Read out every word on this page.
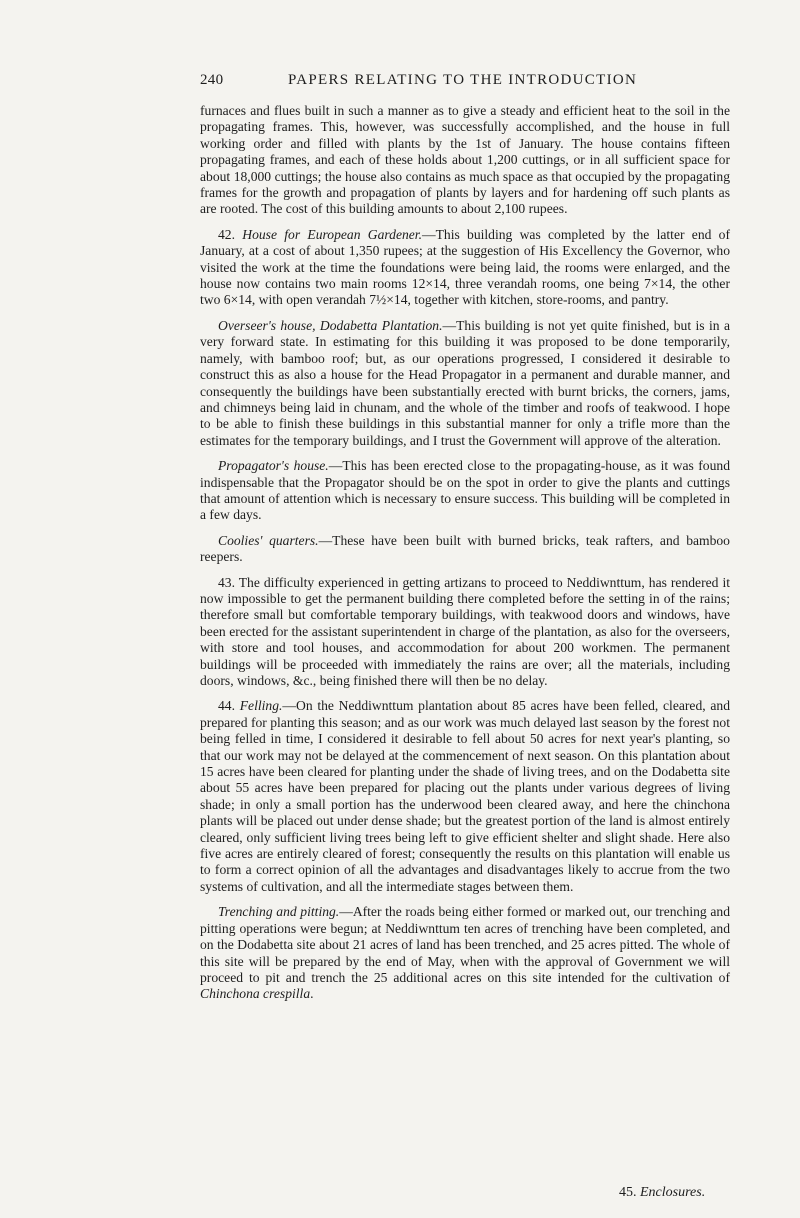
240	PAPERS RELATING TO THE INTRODUCTION

furnaces and flues built in such a manner as to give a steady and efficient heat to the soil in the propagating frames. This, however, was successfully accomplished, and the house in full working order and filled with plants by the 1st of January. The house contains fifteen propagating frames, and each of these holds about 1,200 cuttings, or in all sufficient space for about 18,000 cuttings; the house also contains as much space as that occupied by the propagating frames for the growth and propagation of plants by layers and for hardening off such plants as are rooted. The cost of this building amounts to about 2,100 rupees.

42. House for European Gardener.—This building was completed by the latter end of January, at a cost of about 1,350 rupees; at the suggestion of His Excellency the Governor, who visited the work at the time the foundations were being laid, the rooms were enlarged, and the house now contains two main rooms 12×14, three verandah rooms, one being 7×14, the other two 6×14, with open verandah 7½×14, together with kitchen, store-rooms, and pantry.

Overseer's house, Dodabetta Plantation.—This building is not yet quite finished, but is in a very forward state. In estimating for this building it was proposed to be done temporarily, namely, with bamboo roof; but, as our operations progressed, I considered it desirable to construct this as also a house for the Head Propagator in a permanent and durable manner, and consequently the buildings have been substantially erected with burnt bricks, the corners, jams, and chimneys being laid in chunam, and the whole of the timber and roofs of teakwood. I hope to be able to finish these buildings in this substantial manner for only a trifle more than the estimates for the temporary buildings, and I trust the Government will approve of the alteration.

Propagator's house.—This has been erected close to the propagating-house, as it was found indispensable that the Propagator should be on the spot in order to give the plants and cuttings that amount of attention which is necessary to ensure success. This building will be completed in a few days.

Coolies' quarters.—These have been built with burned bricks, teak rafters, and bamboo reepers.

43. The difficulty experienced in getting artizans to proceed to Neddiwnttum, has rendered it now impossible to get the permanent building there completed before the setting in of the rains; therefore small but comfortable temporary buildings, with teakwood doors and windows, have been erected for the assistant superintendent in charge of the plantation, as also for the overseers, with store and tool houses, and accommodation for about 200 workmen. The permanent buildings will be proceeded with immediately the rains are over; all the materials, including doors, windows, &c., being finished there will then be no delay.

44. Felling.—On the Neddiwnttum plantation about 85 acres have been felled, cleared, and prepared for planting this season; and as our work was much delayed last season by the forest not being felled in time, I considered it desirable to fell about 50 acres for next year's planting, so that our work may not be delayed at the commencement of next season. On this plantation about 15 acres have been cleared for planting under the shade of living trees, and on the Dodabetta site about 55 acres have been prepared for placing out the plants under various degrees of living shade; in only a small portion has the underwood been cleared away, and here the chinchona plants will be placed out under dense shade; but the greatest portion of the land is almost entirely cleared, only sufficient living trees being left to give efficient shelter and slight shade. Here also five acres are entirely cleared of forest; consequently the results on this plantation will enable us to form a correct opinion of all the advantages and disadvantages likely to accrue from the two systems of cultivation, and all the intermediate stages between them.

Trenching and pitting.—After the roads being either formed or marked out, our trenching and pitting operations were begun; at Neddiwnttum ten acres of trenching have been completed, and on the Dodabetta site about 21 acres of land has been trenched, and 25 acres pitted. The whole of this site will be prepared by the end of May, when with the approval of Government we will proceed to pit and trench the 25 additional acres on this site intended for the cultivation of Chinchona crespilla.

45. Enclosures.
